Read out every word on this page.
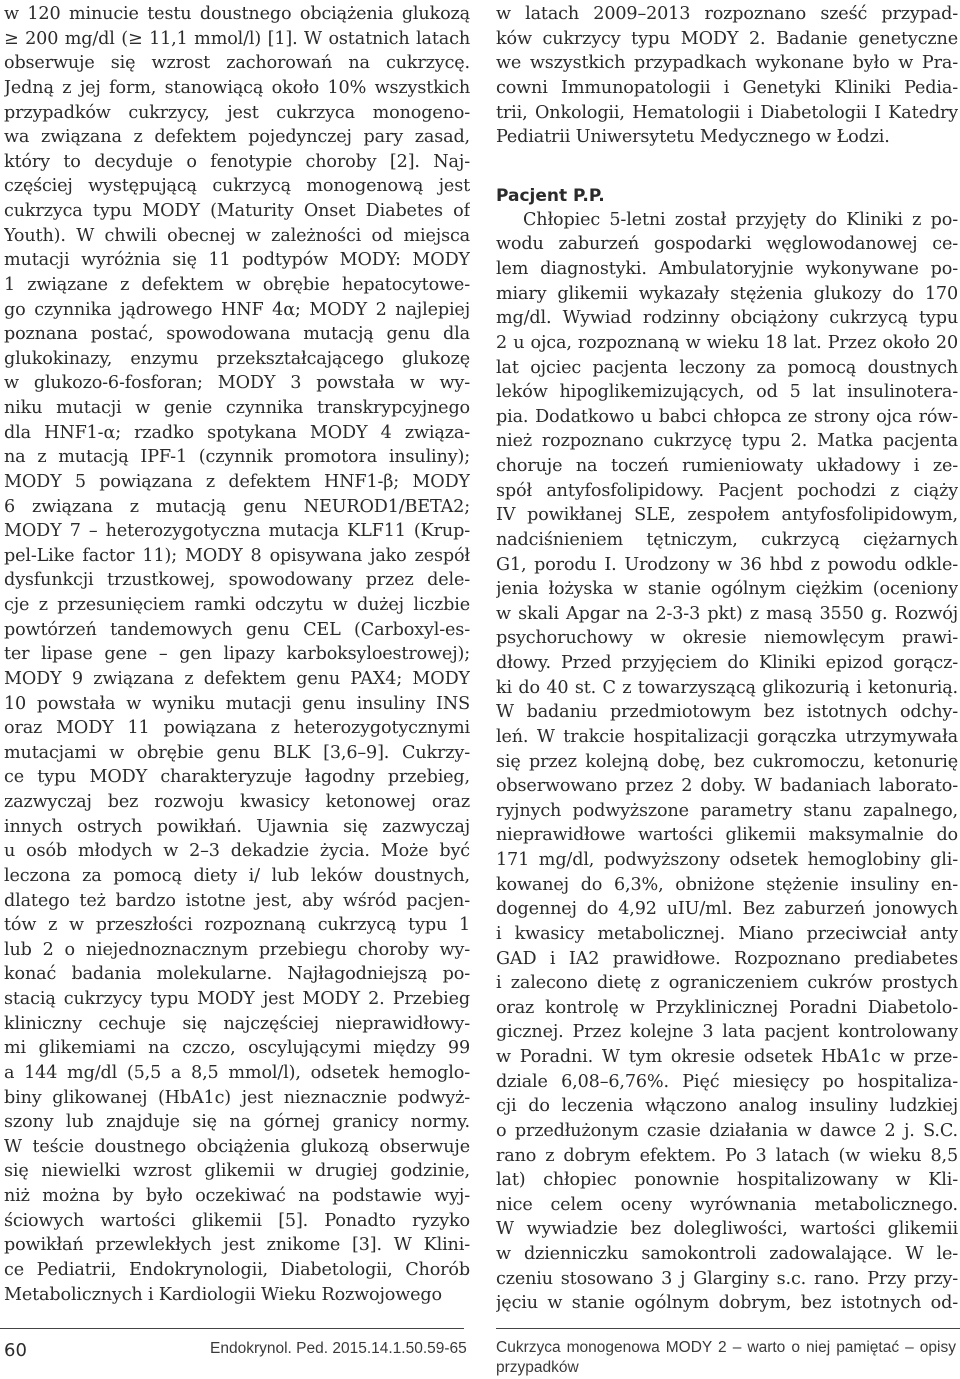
w 120 minucie testu doustnego obciążenia glukozą
≥ 200 mg/dl (≥ 11,1 mmol/l) [1]. W ostatnich latach
obserwuje się wzrost zachorowań na cukrzycę.
Jedną z jej form, stanowiącą około 10% wszystkich
przypadków cukrzycy, jest cukrzyca monogeno-
wa związana z defektem pojedynczej pary zasad,
który to decyduje o fenotypie choroby [2]. Naj-
częściej występującą cukrzycą monogenową jest
cukrzyca typu MODY (Maturity Onset Diabetes of
Youth). W chwili obecnej w zależności od miejsca
mutacji wyróżnia się 11 podtypów MODY: MODY
1 związane z defektem w obrębie hepatocytowe-
go czynnika jądrowego HNF 4α; MODY 2 najlepiej
poznana postać, spowodowana mutacją genu dla
glukokinazy, enzymu przekształcającego glukozę
w glukozo-6-fosforan; MODY 3 powstała w wy-
niku mutacji w genie czynnika transkrypcyjnego
dla HNF1-α; rzadko spotykana MODY 4 związa-
na z mutacją IPF-1 (czynnik promotora insuliny);
MODY 5 powiązana z defektem HNF1-β; MODY
6 związana z mutacją genu NEUROD1/BETA2;
MODY 7 – heterozygotyczna mutacja KLF11 (Krup-
pel-Like factor 11); MODY 8 opisywana jako zespół
dysfunkcji trzustkowej, spowodowany przez dele-
cje z przesunięciem ramki odczytu w dużej liczbie
powtórzeń tandemowych genu CEL (Carboxyl-es-
ter lipase gene – gen lipazy karboksyloestrowej);
MODY 9 związana z defektem genu PAX4; MODY
10 powstała w wyniku mutacji genu insuliny INS
oraz MODY 11 powiązana z heterozygotycznymi
mutacjami w obrębie genu BLK [3,6–9]. Cukrzy-
ce typu MODY charakteryzuje łagodny przebieg,
zazwyczaj bez rozwoju kwasicy ketonowej oraz
innych ostrych powikłań. Ujawnia się zazwyczaj
u osób młodych w 2–3 dekadzie życia. Może być
leczona za pomocą diety i/ lub leków doustnych,
dlatego też bardzo istotne jest, aby wśród pacjen-
tów z w przeszłości rozpoznaną cukrzycą typu 1
lub 2 o niejednoznacznym przebiegu choroby wy-
konać badania molekularne. Najłagodniejszą po-
stacią cukrzycy typu MODY jest MODY 2. Przebieg
kliniczny cechuje się najczęściej nieprawidłowy-
mi glikemiami na czczo, oscylującymi między 99
a 144 mg/dl (5,5 a 8,5 mmol/l), odsetek hemoglo-
biny glikowanej (HbA1c) jest nieznacznie podwyż-
szony lub znajduje się na górnej granicy normy.
W teście doustnego obciążenia glukozą obserwuje
się niewielki wzrost glikemii w drugiej godzinie,
niż można by było oczekiwać na podstawie wyj-
ściowych wartości glikemii [5]. Ponadto ryzyko
powikłań przewlekłych jest znikome [3]. W Klini-
ce Pediatrii, Endokrynologii, Diabetologii, Chorób
Metabolicznych i Kardiologii Wieku Rozwojowego
w latach 2009–2013 rozpoznano sześć przypad-
ków cukrzycy typu MODY 2. Badanie genetyczne
we wszystkich przypadkach wykonane było w Pra-
cowni Immunopatologii i Genetyki Kliniki Pedia-
trii, Onkologii, Hematologii i Diabetologii I Katedry
Pediatrii Uniwersytetu Medycznego w Łodzi.
Pacjent P.P.
Chłopiec 5-letni został przyjęty do Kliniki z po-
wodu zaburzeń gospodarki węglowodanowej ce-
lem diagnostyki. Ambulatoryjnie wykonywane po-
miary glikemii wykazały stężenia glukozy do 170
mg/dl. Wywiad rodzinny obciążony cukrzycą typu
2 u ojca, rozpoznaną w wieku 18 lat. Przez około 20
lat ojciec pacjenta leczony za pomocą doustnych
leków hipoglikemizujących, od 5 lat insulinotera-
pia. Dodatkowo u babci chłopca ze strony ojca rów-
nież rozpoznano cukrzycę typu 2. Matka pacjenta
choruje na toczeń rumieniowaty układowy i ze-
spół antyfosfolipidowy. Pacjent pochodzi z ciąży
IV powikłanej SLE, zespołem antyfosfolipidowym,
nadciśnieniem tętniczym, cukrzycą ciężarnych
G1, porodu I. Urodzony w 36 hbd z powodu odkle-
jenia łożyska w stanie ogólnym ciężkim (oceniony
w skali Apgar na 2-3-3 pkt) z masą 3550 g. Rozwój
psychoruchowy w okresie niemowlęcym prawi-
dłowy. Przed przyjęciem do Kliniki epizod gorącz-
ki do 40 st. C z towarzyszącą glikozurią i ketonurią.
W badaniu przedmiotowym bez istotnych odchy-
leń. W trakcie hospitalizacji gorączka utrzymywała
się przez kolejną dobę, bez cukromoczu, ketonurię
obserwowano przez 2 doby. W badaniach laborato-
ryjnych podwyższone parametry stanu zapalnego,
nieprawidłowe wartości glikemii maksymalnie do
171 mg/dl, podwyższony odsetek hemoglobiny gli-
kowanej do 6,3%, obniżone stężenie insuliny en-
dogennej do 4,92 uIU/ml. Bez zaburzeń jonowych
i kwasicy metabolicznej. Miano przeciwciał anty
GAD i IA2 prawidłowe. Rozpoznano prediabetes
i zalecono dietę z ograniczeniem cukrów prostych
oraz kontrolę w Przyklinicznej Poradni Diabetolo-
gicznej. Przez kolejne 3 lata pacjent kontrolowany
w Poradni. W tym okresie odsetek HbA1c w prze-
dziale 6,08–6,76%. Pięć miesięcy po hospitaliza-
cji do leczenia włączono analog insuliny ludzkiej
o przedłużonym czasie działania w dawce 2 j. S.C.
rano z dobrym efektem. Po 3 latach (w wieku 8,5
lat) chłopiec ponownie hospitalizowany w Kli-
nice celem oceny wyrównania metabolicznego.
W wywiadzie bez dolegliwości, wartości glikemii
w dzienniczku samokontroli zadowalające. W le-
czeniu stosowano 3 j Glarginy s.c. rano. Przy przy-
jęciu w stanie ogólnym dobrym, bez istotnych od-
60	Endokrynol. Ped. 2015.14.1.50.59-65 Cukrzyca monogenowa MODY 2 – warto o niej pamiętać – opisy przypadków
